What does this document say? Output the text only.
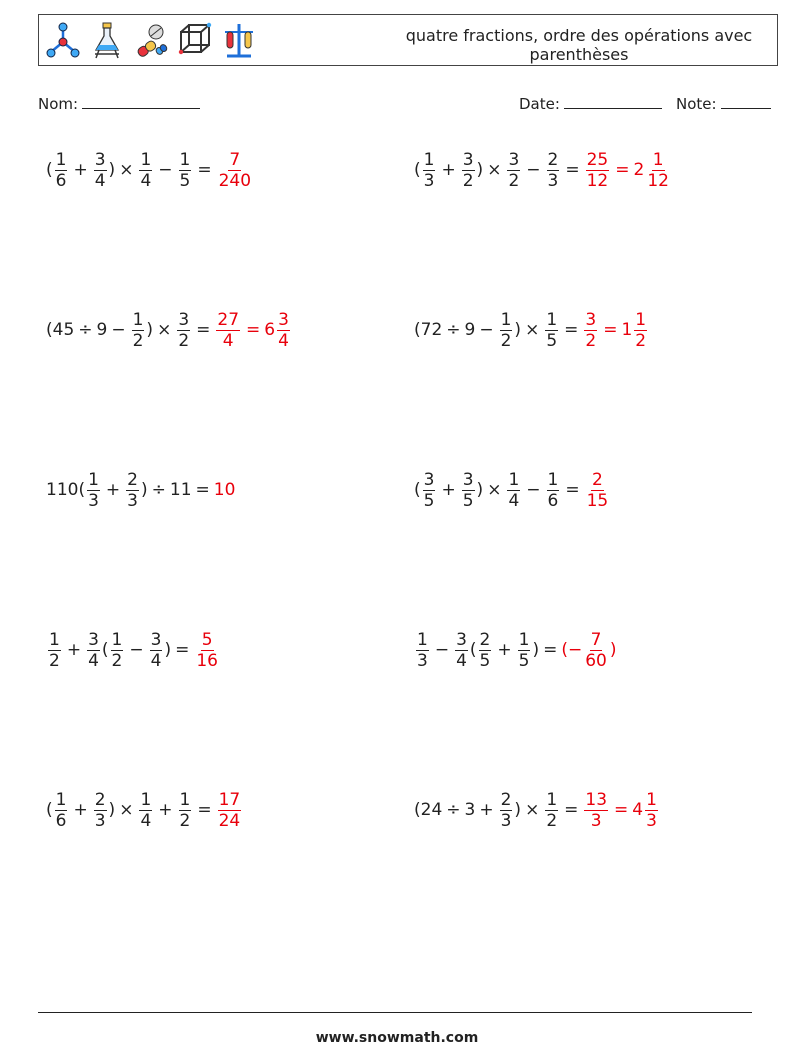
quatre fractions, ordre des opérations avec parenthèses
Nom:	Date:	Note:
( $\frac{1}{6} + \frac{3}{4}$ ) × $\frac{1}{4} - \frac{1}{5} = \frac{7}{240}$	( $\frac{1}{3} + \frac{3}{2}$ ) × $\frac{3}{2} - \frac{2}{3} = \frac{25}{12} = 2 \frac{1}{12}$
($45 \div 9 - \frac{1}{2}$ ) × $\frac{3}{2} = \frac{27}{4} = 6 \frac{3}{4}$	($72 \div 9 - \frac{1}{2}$ ) × $\frac{1}{5} = \frac{3}{2} = 1 \frac{1}{2}$
$110( \frac{1}{3} + \frac{2}{3}$ ) ÷ 11 = 10	( $\frac{3}{5} + \frac{3}{5}$ ) × $\frac{1}{4} - \frac{1}{6} = \frac{2}{15}$
$\frac{1}{2} + \frac{3}{4}$ ( $\frac{1}{2} - \frac{3}{4}$ ) = $\frac{5}{16}$	$\frac{1}{3} - \frac{3}{4}$ ( $\frac{2}{5} + \frac{1}{5}$ ) = (− $\frac{7}{60}$ )
( $\frac{1}{6} + \frac{2}{3}$ ) × $\frac{1}{4} + \frac{1}{2} = \frac{17}{24}$	($24 \div 3 + \frac{2}{3}$ ) × $\frac{1}{2} = \frac{13}{3} = 4 \frac{1}{3}$
www.snowmath.com
